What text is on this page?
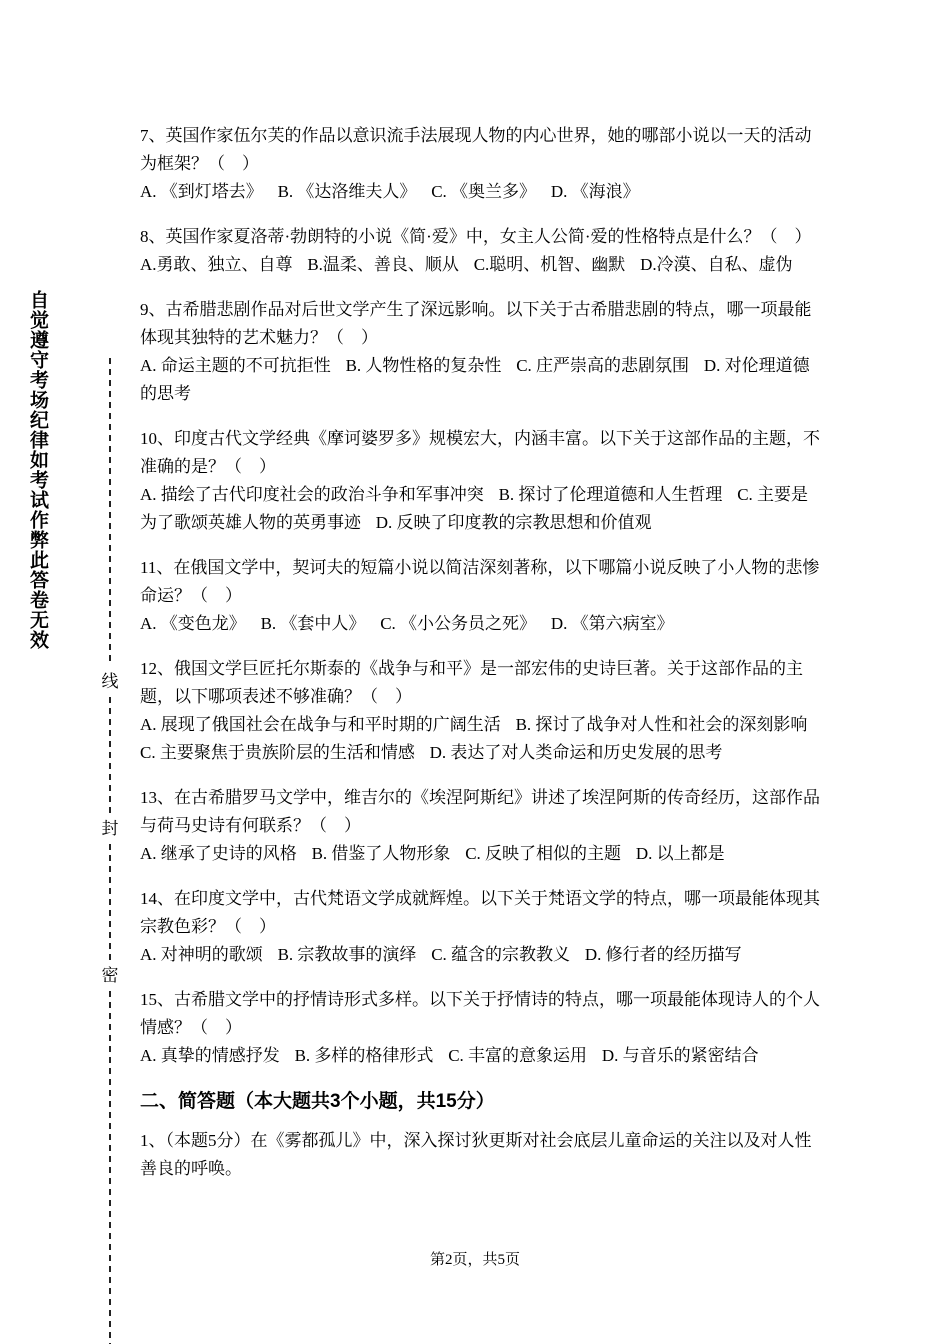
自觉遵守考场纪律如考试作弊此答卷无效
线
封
密

7、英国作家伍尔芙的作品以意识流手法展现人物的内心世界，她的哪部小说以一天的活动为框架？（　）

A. 《到灯塔去》 B. 《达洛维夫人》 C. 《奥兰多》 D. 《海浪》

8、英国作家夏洛蒂·勃朗特的小说《简·爱》中，女主人公简·爱的性格特点是什么？（　）

A.勇敢、独立、自尊 B.温柔、善良、顺从 C.聪明、机智、幽默 D.冷漠、自私、虚伪

9、古希腊悲剧作品对后世文学产生了深远影响。以下关于古希腊悲剧的特点，哪一项最能体现其独特的艺术魅力？（　）

A. 命运主题的不可抗拒性 B. 人物性格的复杂性 C. 庄严崇高的悲剧氛围 D. 对伦理道德的思考

10、印度古代文学经典《摩诃婆罗多》规模宏大，内涵丰富。以下关于这部作品的主题，不准确的是？（　）

A. 描绘了古代印度社会的政治斗争和军事冲突 B. 探讨了伦理道德和人生哲理 C. 主要是为了歌颂英雄人物的英勇事迹 D. 反映了印度教的宗教思想和价值观

11、在俄国文学中，契诃夫的短篇小说以简洁深刻著称，以下哪篇小说反映了小人物的悲惨命运？（　）

A. 《变色龙》 B. 《套中人》 C. 《小公务员之死》 D. 《第六病室》

12、俄国文学巨匠托尔斯泰的《战争与和平》是一部宏伟的史诗巨著。关于这部作品的主题，以下哪项表述不够准确？（　）

A. 展现了俄国社会在战争与和平时期的广阔生活 B. 探讨了战争对人性和社会的深刻影响 C. 主要聚焦于贵族阶层的生活和情感 D. 表达了对人类命运和历史发展的思考

13、在古希腊罗马文学中，维吉尔的《埃涅阿斯纪》讲述了埃涅阿斯的传奇经历，这部作品与荷马史诗有何联系？（　）

A. 继承了史诗的风格 B. 借鉴了人物形象 C. 反映了相似的主题 D. 以上都是

14、在印度文学中，古代梵语文学成就辉煌。以下关于梵语文学的特点，哪一项最能体现其宗教色彩？（　）

A. 对神明的歌颂 B. 宗教故事的演绎 C. 蕴含的宗教教义 D. 修行者的经历描写

15、古希腊文学中的抒情诗形式多样。以下关于抒情诗的特点，哪一项最能体现诗人的个人情感？（　）

A. 真挚的情感抒发 B. 多样的格律形式 C. 丰富的意象运用 D. 与音乐的紧密结合

二、简答题（本大题共3个小题，共15分）

1、（本题5分）在《雾都孤儿》中，深入探讨狄更斯对社会底层儿童命运的关注以及对人性善良的呼唤。

第2页，共5页
